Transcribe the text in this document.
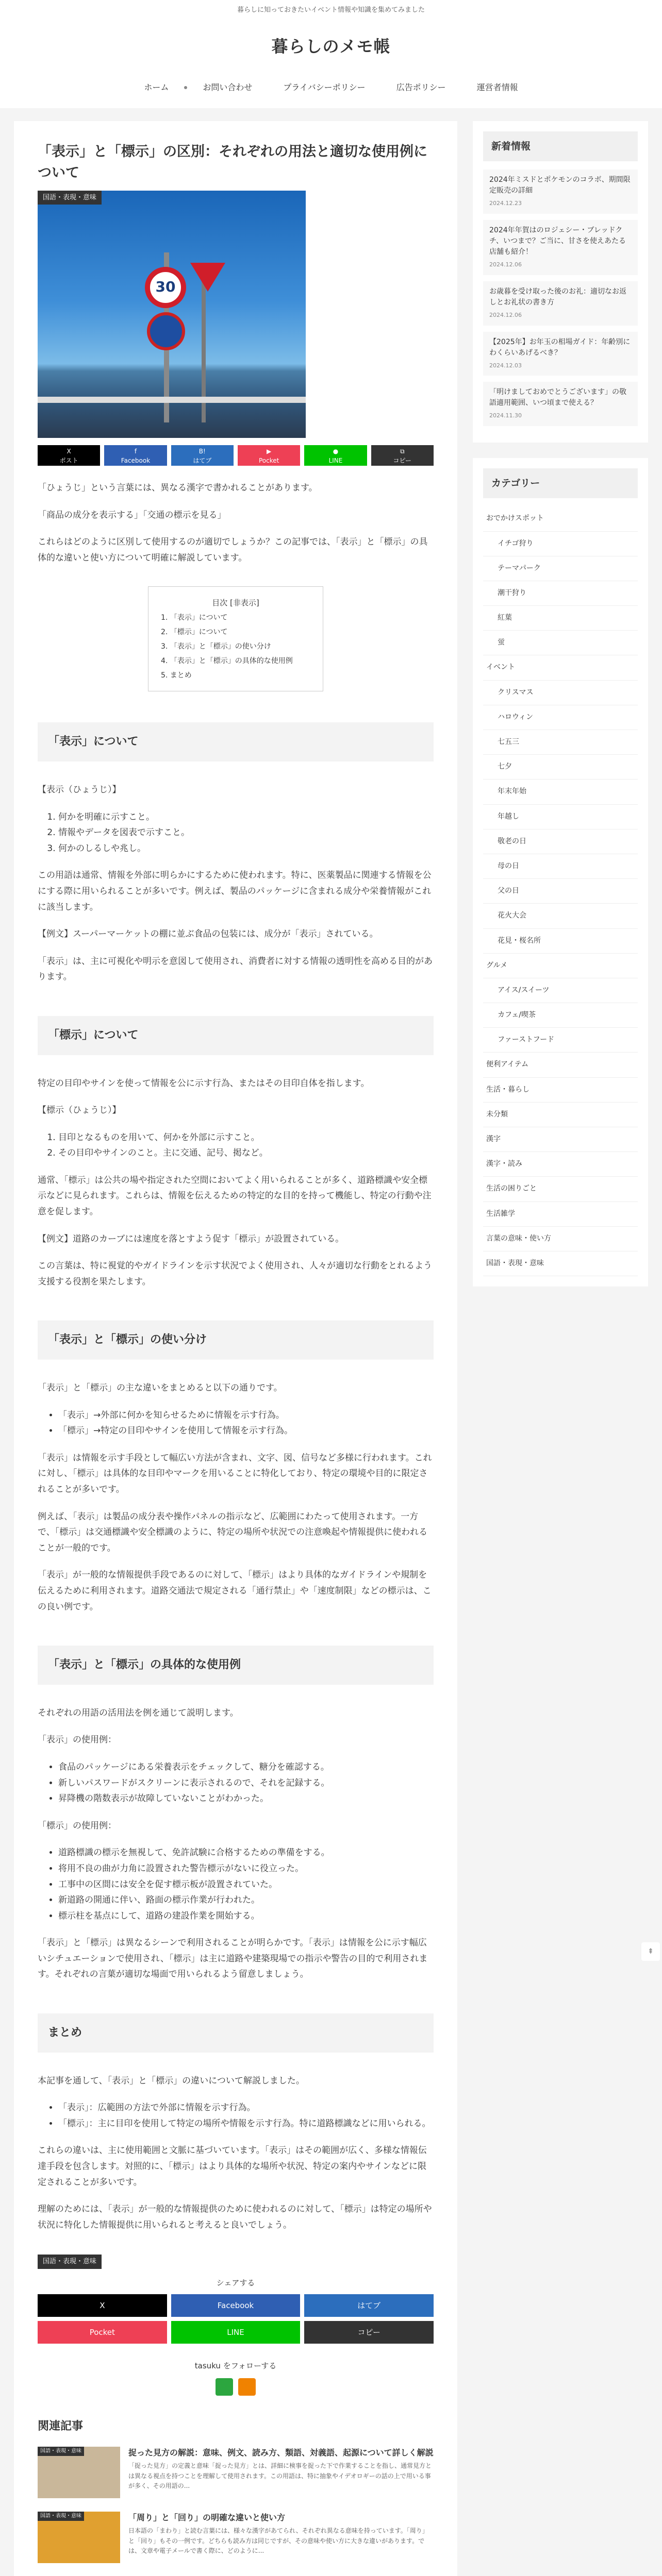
暮らしに知っておきたいイベント情報や知識を集めてみました
暮らしのメモ帳
ホーム	お問い合わせ	プライバシーポリシー	広告ポリシー	運営者情報
「表示」と「標示」の区別：それぞれの用法と適切な使用例について
国語・表現・意味
30
X
ポスト
f
Facebook
B!
はてブ
▶
Pocket
●
LINE
⧉
コピー

「ひょうじ」という言葉には、異なる漢字で書かれることがあります。

「商品の成分を表示する」「交通の標示を見る」

これらはどのように区別して使用するのが適切でしょうか？この記事では、「表示」と「標示」の具体的な違いと使い方について明確に解説しています。

目次 [非表示]
1. 「表示」について
2. 「標示」について
3. 「表示」と「標示」の使い分け
4. 「表示」と「標示」の具体的な使用例
5. まとめ
「表示」について

【表示（ひょうじ）】

1. 何かを明確に示すこと。
2. 情報やデータを図表で示すこと。
3. 何かのしるしや兆し。

この用語は通常、情報を外部に明らかにするために使われます。特に、医薬製品に関連する情報を公にする際に用いられることが多いです。例えば、製品のパッケージに含まれる成分や栄養情報がこれに該当します。

【例文】スーパーマーケットの棚に並ぶ食品の包装には、成分が「表示」されている。

「表示」は、主に可視化や明示を意図して使用され、消費者に対する情報の透明性を高める目的があります。

「標示」について

特定の目印やサインを使って情報を公に示す行為、またはその目印自体を指します。

【標示（ひょうじ）】

1. 目印となるものを用いて、何かを外部に示すこと。
2. その目印やサインのこと。主に交通、記号、掲など。

通常、「標示」は公共の場や指定された空間においてよく用いられることが多く、道路標識や安全標示などに見られます。これらは、情報を伝えるための特定的な目的を持って機能し、特定の行動や注意を促します。

【例文】道路のカーブには速度を落とすよう促す「標示」が設置されている。

この言葉は、特に視覚的やガイドラインを示す状況でよく使用され、人々が適切な行動をとれるよう支援する役割を果たします。

「表示」と「標示」の使い分け

「表示」と「標示」の主な違いをまとめると以下の通りです。

• 「表示」→外部に何かを知らせるために情報を示す行為。
• 「標示」→特定の目印やサインを使用して情報を示す行為。

「表示」は情報を示す手段として幅広い方法が含まれ、文字、図、信号など多様に行われます。これに対し、「標示」は具体的な目印やマークを用いることに特化しており、特定の環境や目的に限定されることが多いです。

例えば、「表示」は製品の成分表や操作パネルの指示など、広範囲にわたって使用されます。一方で、「標示」は交通標識や安全標識のように、特定の場所や状況での注意喚起や情報提供に使われることが一般的です。

「表示」が一般的な情報提供手段であるのに対して、「標示」はより具体的なガイドラインや規制を伝えるために利用されます。道路交通法で規定される「通行禁止」や「速度制限」などの標示は、この良い例です。

「表示」と「標示」の具体的な使用例

それぞれの用語の活用法を例を通じて説明します。

「表示」の使用例：

• 食品のパッケージにある栄養表示をチェックして、糖分を確認する。
• 新しいパスワードがスクリーンに表示されるので、それを記録する。
• 昇降機の階数表示が故障していないことがわかった。

「標示」の使用例：

• 道路標識の標示を無視して、免許試験に合格するための準備をする。
• 将用不良の曲が力角に設置された警告標示がないに役立った。
• 工事中の区間には安全を促す標示板が設置されていた。
• 新道路の開通に伴い、路面の標示作業が行われた。
• 標示柱を基点にして、道路の建設作業を開始する。

「表示」と「標示」は異なるシーンで利用されることが明らかです。「表示」は情報を公に示す幅広いシチュエーションで使用され、「標示」は主に道路や建築現場での指示や警告の目的で利用されます。それぞれの言葉が適切な場面で用いられるよう留意しましょう。

まとめ

本記事を通して、「表示」と「標示」の違いについて解説しました。

• 「表示」：広範囲の方法で外部に情報を示す行為。
• 「標示」：主に目印を使用して特定の場所や情報を示す行為。特に道路標識などに用いられる。

これらの違いは、主に使用範囲と文脈に基づいています。「表示」はその範囲が広く、多様な情報伝達手段を包含します。対照的に、「標示」はより具体的な場所や状況、特定の案内やサインなどに限定されることが多いです。

理解のためには、「表示」が一般的な情報提供のために使われるのに対して、「標示」は特定の場所や状況に特化した情報提供に用いられると考えると良いでしょう。

国語・表現・意味
シェアする
X	Facebook	はてブ
Pocket	LINE	コピー
tasuku をフォローする
関連記事
国語・表現・意味	捉った見方の解説：意味、例文、読み方、類語、対義語、起源について詳しく解説
「捉った見方」の定義と意味「捉った見方」とは、詳細に検事を捉った下で作業することを指し、通常見方とは異なる視点を持つことを理解して使用されます。この用語は、特に抽象やイデオロギーの話の上で用いる事が多く、その用語の...
国語・表現・意味	「周り」と「回り」の明確な違いと使い方
日本語の「まわり」と読む言葉には、様々な漢字があてられ、それぞれ異なる意味を持っています。「周り」と「回り」もその一例です。どちらも読み方は同じですが、その意味や使い方に大きな違いがあります。では、文章や電子メールで書く際に、どのように...
新着情報
2024年ミスドとポケモンのコラボ、期間限定販売の詳細
2024.12.23
2024年年賀はのロジェシー・ブレッドクチ、いつまで？ご当に、甘さを使えあたる店舗も紹介！
2024.12.06
お歳暮を受け取った後のお礼：適切なお返しとお礼状の書き方
2024.12.06
【2025年】お年玉の相場ガイド：年齢別にわくらいあげるべき？
2024.12.03
「明けましておめでとうございます」の敬語適用範囲、いつ頃まで使える？
2024.11.30
カテゴリー
おでかけスポット
イチゴ狩り
テーマパーク
潮干狩り
紅葉
蛍
イベント
クリスマス
ハロウィン
七五三
七夕
年末年始
年越し
敬老の日
母の日
父の日
花火大会
花見・桜名所
グルメ
アイス/スイーツ
カフェ/喫茶
ファーストフード
便利アイテム
生活・暮らし
未分類
漢字
漢字・読み
生活の困りごと
生活雑学
言葉の意味・使い方
国語・表現・意味
⇞
